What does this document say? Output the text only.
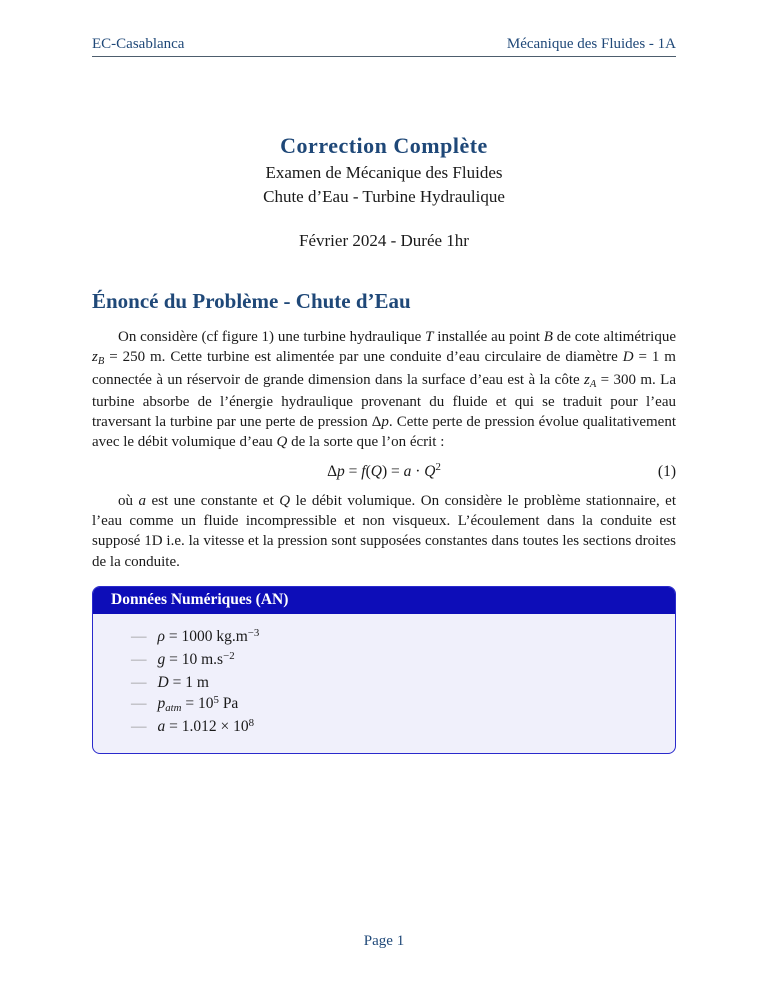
EC-Casablanca	Mécanique des Fluides - 1A
Correction Complète
Examen de Mécanique des Fluides
Chute d’Eau - Turbine Hydraulique
Février 2024 - Durée 1hr
Énoncé du Problème - Chute d’Eau

On considère (cf figure 1) une turbine hydraulique T installée au point B de cote altimétrique $z_B = 250$ m. Cette turbine est alimentée par une conduite d’eau circulaire de diamètre D = 1 m connectée à un réservoir de grande dimension dans la surface d’eau est à la côte $z_A = 300$ m. La turbine absorbe de l’énergie hydraulique provenant du fluide et qui se traduit pour l’eau traversant la turbine par une perte de pression Δp. Cette perte de pression évolue qualitativement avec le débit volumique d’eau Q de la sorte que l’on écrit :

$\Delta p = f(Q) = a \cdot Q^2$	(1)

où a est une constante et Q le débit volumique. On considère le problème stationnaire, et l’eau comme un fluide incompressible et non visqueux. L’écoulement dans la conduite est supposé 1D i.e. la vitesse et la pression sont supposées constantes dans toutes les sections droites de la conduite.

Données Numériques (AN)
— ρ = 1000 $kg.m^{-3}$
— g = 10 $m.s^{-2}$
— D = 1 m
— $p_{atm} = 10^5$ Pa
— $a = 1.012 \times 10^8$
Page 1
